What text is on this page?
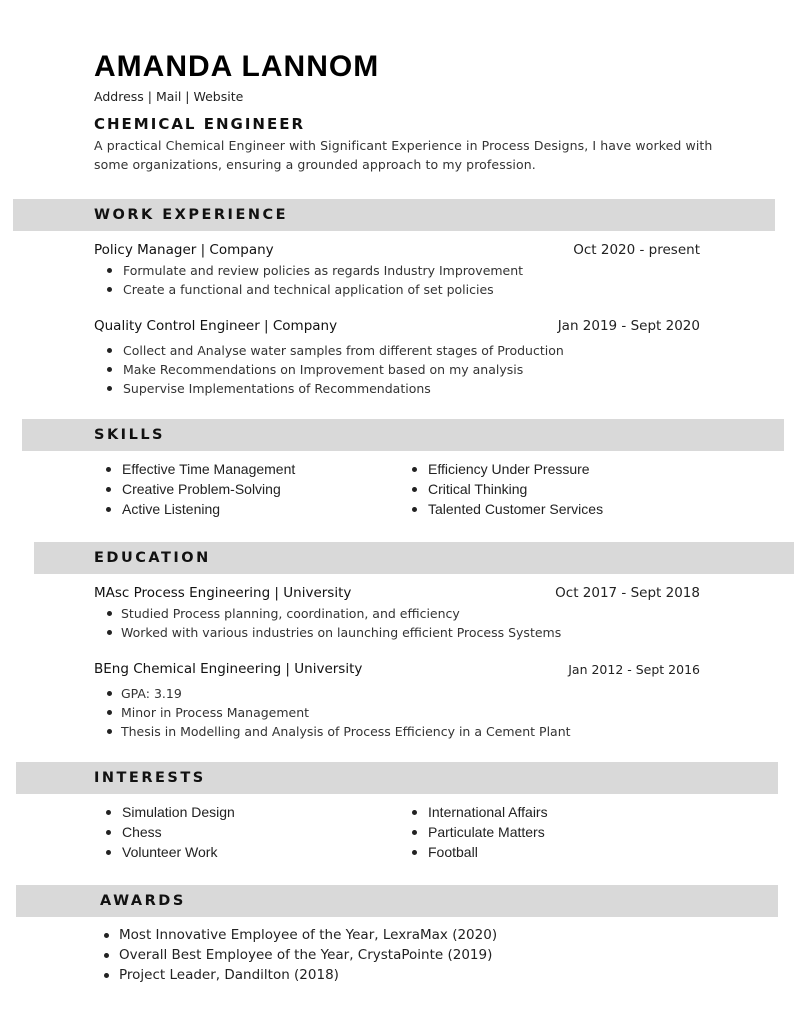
AMANDA LANNOM
Address | Mail | Website
CHEMICAL ENGINEER
A practical Chemical Engineer with Significant Experience in Process Designs, I have worked with some organizations, ensuring a grounded approach to my profession.
WORK EXPERIENCE
Policy Manager | Company	Oct 2020 - present
Formulate and review policies as regards Industry Improvement
Create a functional and technical application of set policies
Quality Control Engineer | Company	Jan 2019 - Sept 2020
Collect and Analyse water samples from different stages of Production
Make Recommendations on Improvement based on my analysis
Supervise Implementations of Recommendations
SKILLS
Effective Time Management
Creative Problem-Solving
Active Listening
Efficiency Under Pressure
Critical Thinking
Talented Customer Services
EDUCATION
MAsc Process Engineering | University	Oct 2017 - Sept 2018
Studied Process planning, coordination, and efficiency
Worked with various industries on launching efficient Process Systems
BEng Chemical Engineering | University	Jan 2012 - Sept 2016
GPA: 3.19
Minor in Process Management
Thesis in Modelling and Analysis of Process Efficiency in a Cement Plant
INTERESTS
Simulation Design
Chess
Volunteer Work
International Affairs
Particulate Matters
Football
AWARDS
Most Innovative Employee of the Year, LexraMax (2020)
Overall Best Employee of the Year, CrystaPointe (2019)
Project Leader, Dandilton (2018)
